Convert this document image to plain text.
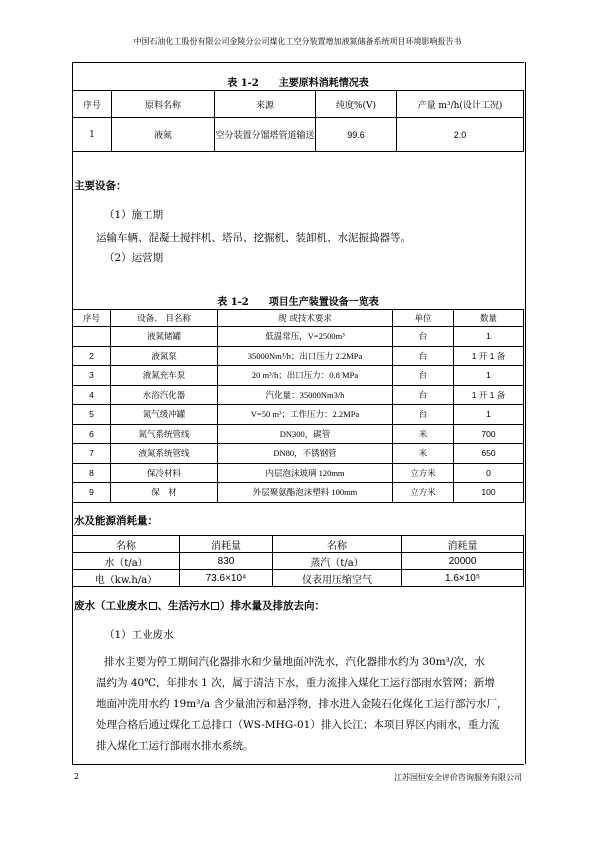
中国石油化工股份有限公司金陵分公司煤化工空分装置增加液氮储备系统项目环境影响报告书
表 1-2　　主要原料消耗情况表
序号	原料名称	来源	纯度%(V)	产量 m³/h(设计工况)
1	液氮	空分装置分馏塔管道输送	99.6	2.0
主要设备：
（1）施工期
运输车辆、混凝土搅拌机、塔吊、挖掘机、装卸机、水泥振捣器等。
（2）运营期
表 1-2　　项目生产装置设备一览表
序号	设备、 目名称	规 或技术要求	单位	数量
	液氮储罐	低温常压，V=2500m³	台	1
2	液氮泵	35000Nm³/h；出口压力 2.2MPa	台	1 开 1 备
3	液氮充车泵	20 m³/h；出口压力：0.8 MPa	台	1
4	水浴汽化器	汽化量：35000Nm3/h	台	1 开 1 备
5	氮气缓冲罐	V=50 m³；工作压力：2.2MPa	台	1
6	氮气系统管线	DN300，碳管	米	700
7	液氮系统管线	DN80，不锈钢管	米	650
8	保冷材料	内层泡沫玻璃 120mm	立方米	0
9	保　材	外层聚氨酯泡沫塑料 100mm	立方米	100
水及能源消耗量：
名称	消耗量	名称	消耗量
水（t/a）	830	蒸汽（t/a）	20000
电（kw.h/a）	73.6×10⁴	仪表用压缩空气	1.6×10⁵
废水（工业废水 、生活污水 ）排水量及排放去向：
（1）工业废水
排水主要为停工期间汽化器排水和少量地面冲洗水，汽化器排水约为 30m³/次，水
温约为 40℃，年排水 1 次，属于清洁下水，重力流排入煤化工运行部雨水管网；新增
地面冲洗用水约 19m³/a 含少量油污和悬浮物，排水进入金陵石化煤化工运行部污水厂，
处理合格后通过煤化工总排口（WS-MHG-01）排入长江；本项目界区内雨水，重力流
排入煤化工运行部雨水排水系统。
2	江苏国恒安全评价咨询服务有限公司
